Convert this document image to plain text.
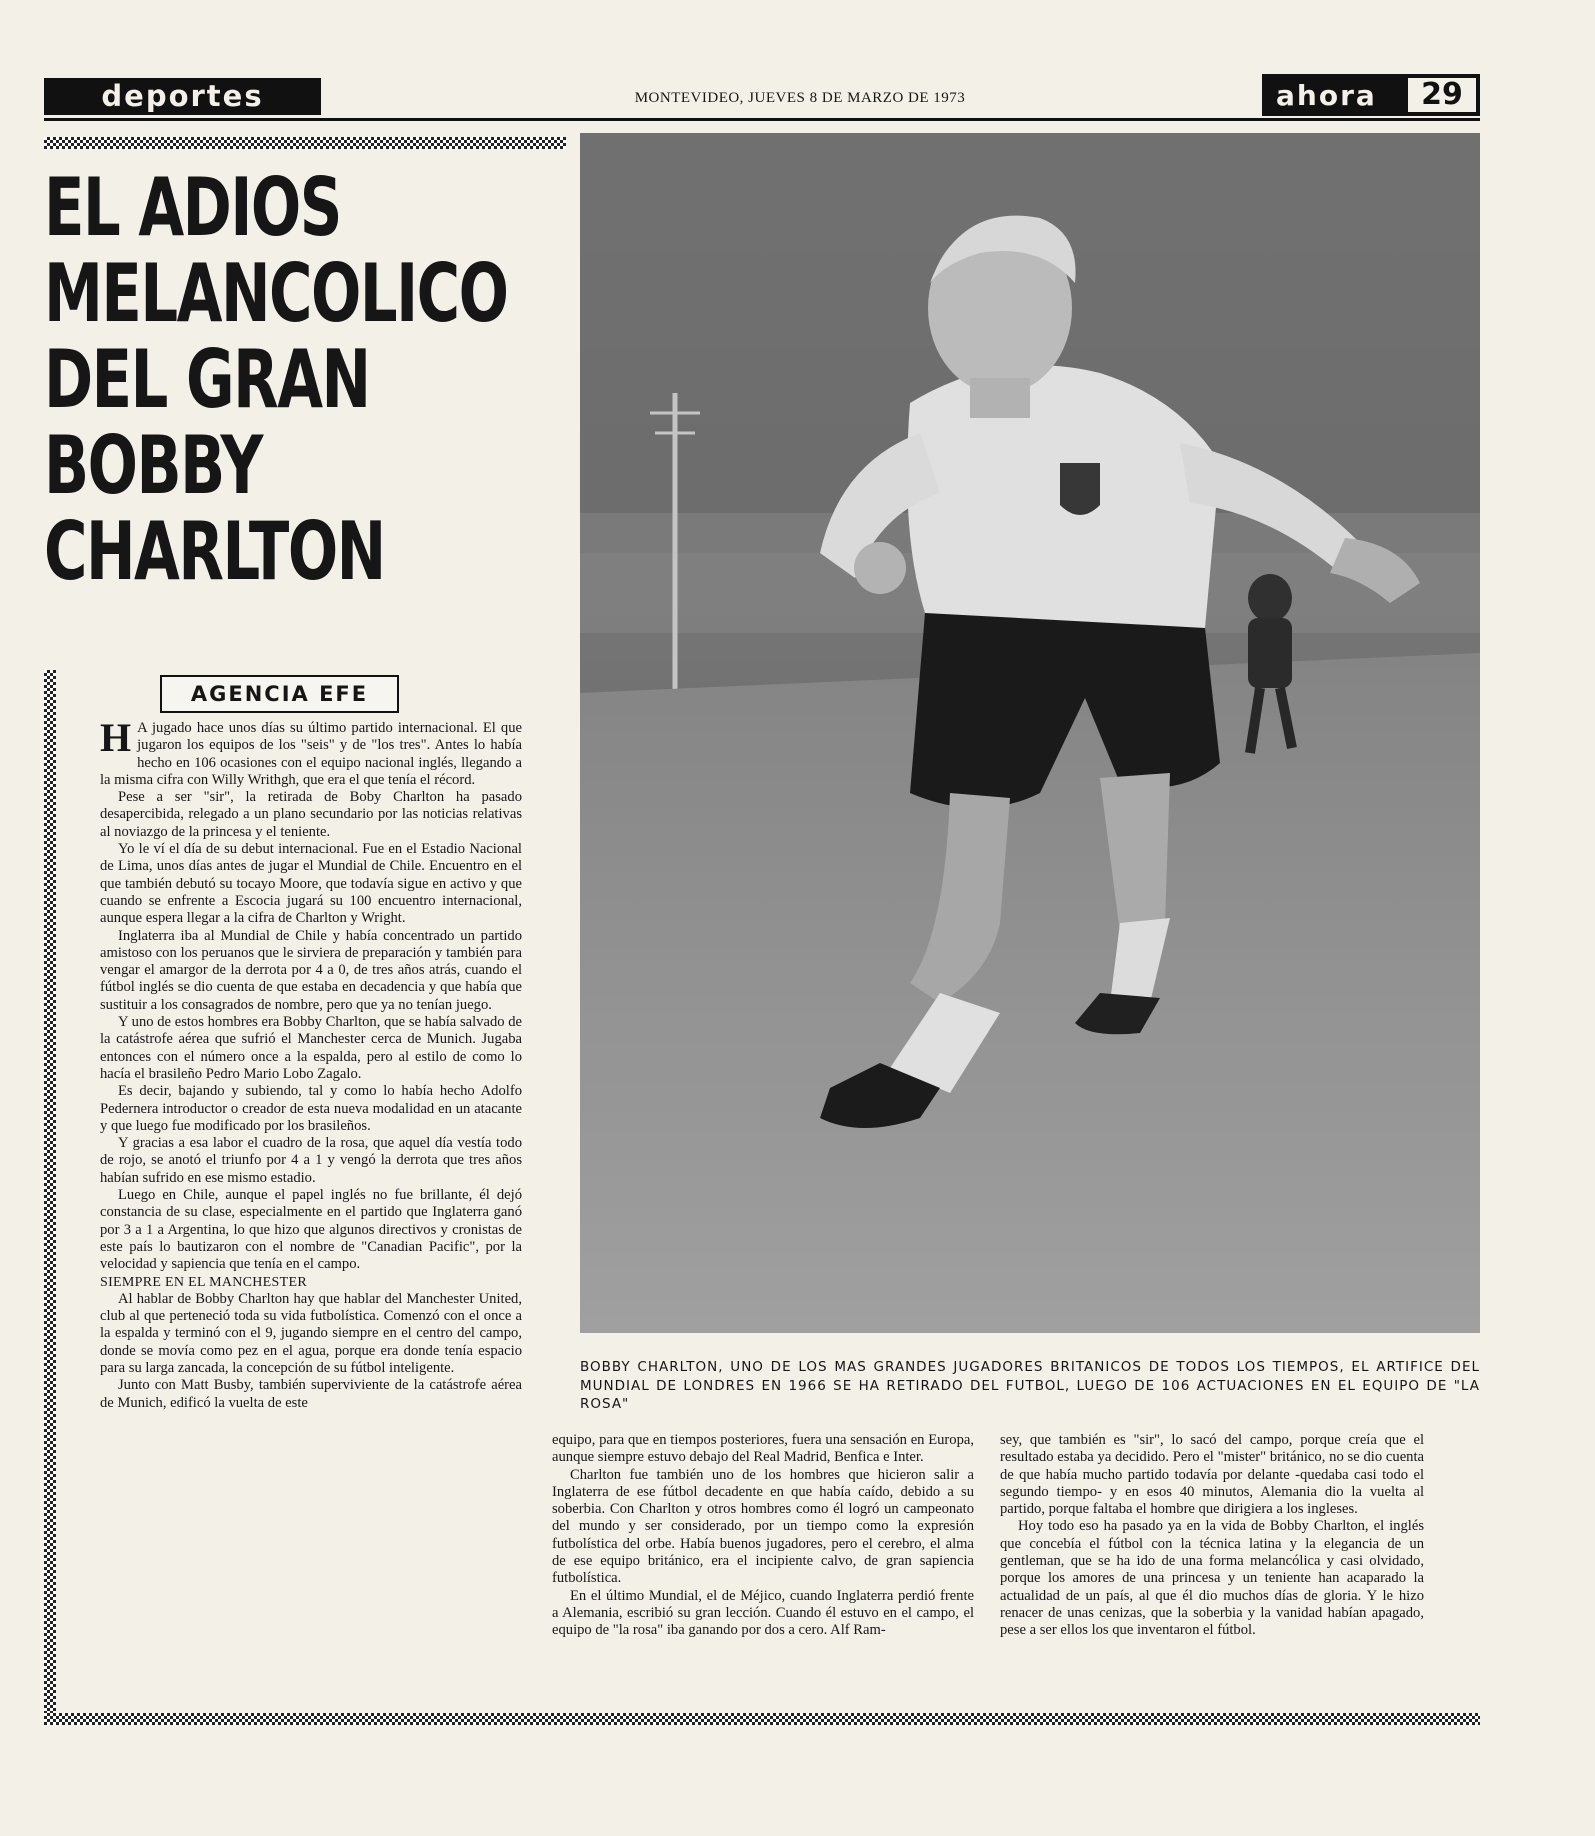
deportes	MONTEVIDEO, JUEVES 8 DE MARZO DE 1973	ahora	29
EL ADIOS
MELANCOLICO
DEL GRAN
BOBBY
CHARLTON
AGENCIA EFE

H A jugado hace unos días su último partido internacional. El que jugaron los equipos de los "seis" y de "los tres". Antes lo había hecho en 106 ocasiones con el equipo nacional inglés, llegando a la misma cifra con Willy Writhgh, que era el que tenía el récord.

Pese a ser "sir", la retirada de Boby Charlton ha pasado desapercibida, relegado a un plano secundario por las noticias relativas al noviazgo de la princesa y el teniente.

Yo le ví el día de su debut internacional. Fue en el Estadio Nacional de Lima, unos días antes de jugar el Mundial de Chile. Encuentro en el que también debutó su tocayo Moore, que todavía sigue en activo y que cuando se enfrente a Escocia jugará su 100 encuentro internacional, aunque espera llegar a la cifra de Charlton y Wright.

Inglaterra iba al Mundial de Chile y había concentrado un partido amistoso con los peruanos que le sirviera de preparación y también para vengar el amargor de la derrota por 4 a 0, de tres años atrás, cuando el fútbol inglés se dio cuenta de que estaba en decadencia y que había que sustituir a los consagrados de nombre, pero que ya no tenían juego.

Y uno de estos hombres era Bobby Charlton, que se había salvado de la catástrofe aérea que sufrió el Manchester cerca de Munich. Jugaba entonces con el número once a la espalda, pero al estilo de como lo hacía el brasileño Pedro Mario Lobo Zagalo.

Es decir, bajando y subiendo, tal y como lo había hecho Adolfo Pedernera introductor o creador de esta nueva modalidad en un atacante y que luego fue modificado por los brasileños.

Y gracias a esa labor el cuadro de la rosa, que aquel día vestía todo de rojo, se anotó el triunfo por 4 a 1 y vengó la derrota que tres años habían sufrido en ese mismo estadio.

Luego en Chile, aunque el papel inglés no fue brillante, él dejó constancia de su clase, especialmente en el partido que Inglaterra ganó por 3 a 1 a Argentina, lo que hizo que algunos directivos y cronistas de este país lo bautizaron con el nombre de "Canadian Pacific", por la velocidad y sapiencia que tenía en el campo.

SIEMPRE EN EL MANCHESTER

Al hablar de Bobby Charlton hay que hablar del Manchester United, club al que perteneció toda su vida futbolística. Comenzó con el once a la espalda y terminó con el 9, jugando siempre en el centro del campo, donde se movía como pez en el agua, porque era donde tenía espacio para su larga zancada, la concepción de su fútbol inteligente.

Junto con Matt Busby, también superviviente de la catástrofe aérea de Munich, edificó la vuelta de este

BOBBY CHARLTON, UNO DE LOS MAS GRANDES JUGADORES BRITANICOS DE TODOS LOS TIEMPOS, EL ARTIFICE DEL MUNDIAL DE LONDRES EN 1966 SE HA RETIRADO DEL FUTBOL, LUEGO DE 106 ACTUACIONES EN EL EQUIPO DE "LA ROSA"

equipo, para que en tiempos posteriores, fuera una sensación en Europa, aunque siempre estuvo debajo del Real Madrid, Benfica e Inter.

Charlton fue también uno de los hombres que hicieron salir a Inglaterra de ese fútbol decadente en que había caído, debido a su soberbia. Con Charlton y otros hombres como él logró un campeonato del mundo y ser considerado, por un tiempo como la expresión futbolística del orbe. Había buenos jugadores, pero el cerebro, el alma de ese equipo británico, era el incipiente calvo, de gran sapiencia futbolística.

En el último Mundial, el de Méjico, cuando Inglaterra perdió frente a Alemania, escribió su gran lección. Cuando él estuvo en el campo, el equipo de "la rosa" iba ganando por dos a cero. Alf Ram-

sey, que también es "sir", lo sacó del campo, porque creía que el resultado estaba ya decidido. Pero el "mister" británico, no se dio cuenta de que había mucho partido todavía por delante -quedaba casi todo el segundo tiempo- y en esos 40 minutos, Alemania dio la vuelta al partido, porque faltaba el hombre que dirigiera a los ingleses.

Hoy todo eso ha pasado ya en la vida de Bobby Charlton, el inglés que concebía el fútbol con la técnica latina y la elegancia de un gentleman, que se ha ido de una forma melancólica y casi olvidado, porque los amores de una princesa y un teniente han acaparado la actualidad de un país, al que él dio muchos días de gloria. Y le hizo renacer de unas cenizas, que la soberbia y la vanidad habían apagado, pese a ser ellos los que inventaron el fútbol.
